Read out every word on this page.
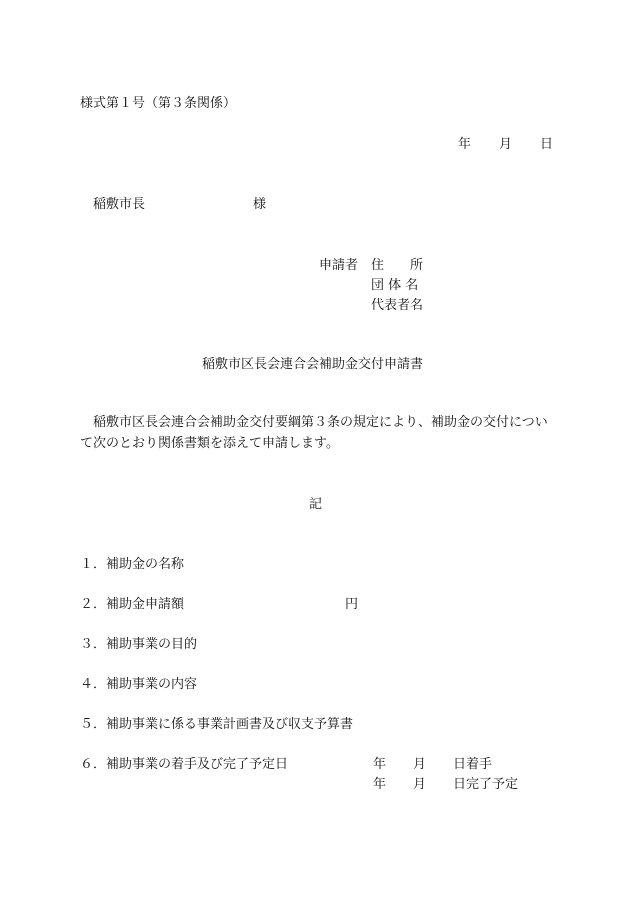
様式第１号（第３条関係）
年 月 日
稲敷市長	様
申請者 住　　所
団 体 名
代表者名
稲敷市区長会連合会補助金交付申請書
稲敷市区長会連合会補助金交付要綱第３条の規定により、補助金の交付について次のとおり関係書類を添えて申請します。
記
１．補助金の名称
２．補助金申請額	円
３．補助事業の目的
４．補助事業の内容
５．補助事業に係る事業計画書及び収支予算書
６．補助事業の着手及び完了予定日	年 月 日着手
年 月 日完了予定
